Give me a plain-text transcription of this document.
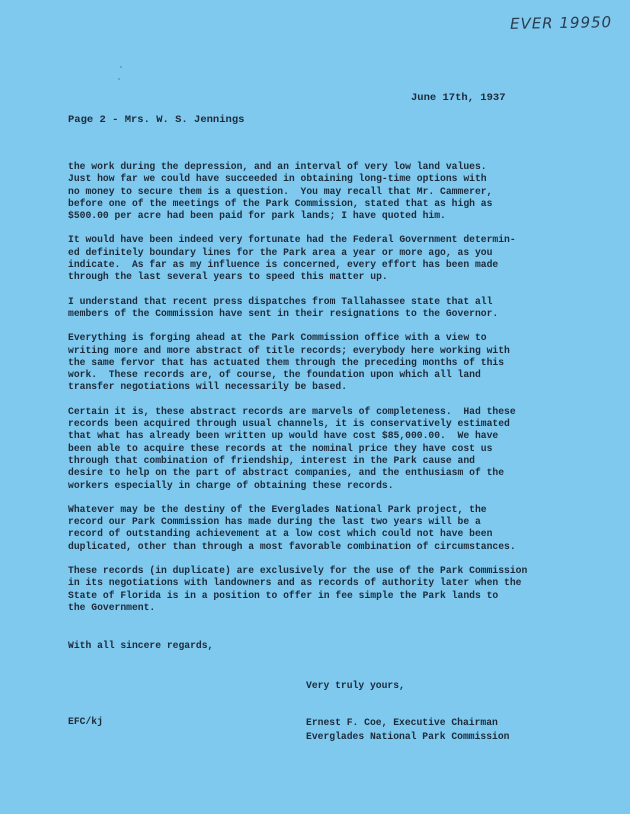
EVER 19950
June 17th, 1937
Page 2 - Mrs. W. S. Jennings
the work during the depression, and an interval of very low land values.
Just how far we could have succeeded in obtaining long-time options with
no money to secure them is a question.  You may recall that Mr. Cammerer,
before one of the meetings of the Park Commission, stated that as high as
$500.00 per acre had been paid for park lands; I have quoted him.
It would have been indeed very fortunate had the Federal Government determin-
ed definitely boundary lines for the Park area a year or more ago, as you
indicate.  As far as my influence is concerned, every effort has been made
through the last several years to speed this matter up.
I understand that recent press dispatches from Tallahassee state that all
members of the Commission have sent in their resignations to the Governor.
Everything is forging ahead at the Park Commission office with a view to
writing more and more abstract of title records; everybody here working with
the same fervor that has actuated them through the preceding months of this
work.  These records are, of course, the foundation upon which all land
transfer negotiations will necessarily be based.
Certain it is, these abstract records are marvels of completeness.  Had these
records been acquired through usual channels, it is conservatively estimated
that what has already been written up would have cost $85,000.00.  We have
been able to acquire these records at the nominal price they have cost us
through that combination of friendship, interest in the Park cause and
desire to help on the part of abstract companies, and the enthusiasm of the
workers especially in charge of obtaining these records.
Whatever may be the destiny of the Everglades National Park project, the
record our Park Commission has made during the last two years will be a
record of outstanding achievement at a low cost which could not have been
duplicated, other than through a most favorable combination of circumstances.
These records (in duplicate) are exclusively for the use of the Park Commission
in its negotiations with landowners and as records of authority later when the
State of Florida is in a position to offer in fee simple the Park lands to
the Government.
With all sincere regards,
Very truly yours,
EFC/kj	Ernest F. Coe, Executive Chairman
Everglades National Park Commission
